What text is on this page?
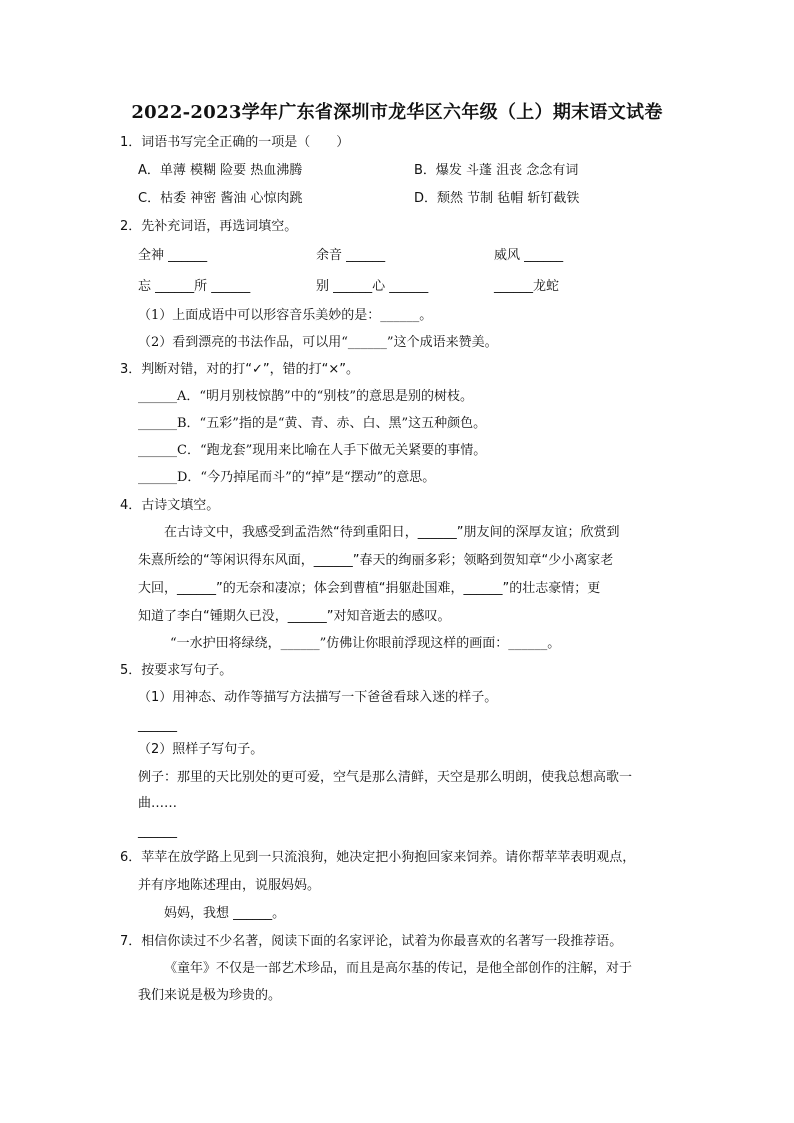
2022-2023学年广东省深圳市龙华区六年级（上）期末语文试卷
1．词语书写完全正确的一项是（　　）
A．单薄 模糊 险要 热血沸腾	B．爆发 斗蓬 沮丧 念念有词
C．枯委 神密 酱油 心惊肉跳	D．颓然 节制 毡帽 斩钉截铁
2．先补充词语，再选词填空。
全神 ______	余音 ______	威风 ______
忘 ______所 ______	别 ______心 ______	______龙蛇
（1）上面成语中可以形容音乐美妙的是：______。
（2）看到漂亮的书法作品，可以用“______”这个成语来赞美。
3．判断对错，对的打“✓”，错的打“×”。
______A．“明月别枝惊鹊”中的“别枝”的意思是别的树枝。
______B．“五彩”指的是“黄、青、赤、白、黑”这五种颜色。
______C．“跑龙套”现用来比喻在人手下做无关紧要的事情。
______D．“今乃掉尾而斗”的“掉”是“摆动”的意思。
4．古诗文填空。
在古诗文中，我感受到孟浩然“待到重阳日，______”朋友间的深厚友谊；欣赏到
朱熹所绘的“等闲识得东风面，______”春天的绚丽多彩；领略到贺知章“少小离家老
大回，______”的无奈和凄凉；体会到曹植“捐躯赴国难，______”的壮志豪情；更
知道了李白“锺期久已没，______”对知音逝去的感叹。
“一水护田将绿绕，______”仿佛让你眼前浮现这样的画面：______。
5．按要求写句子。
（1）用神态、动作等描写方法描写一下爸爸看球入迷的样子。
______
（2）照样子写句子。
例子：那里的天比别处的更可爱，空气是那么清鲜，天空是那么明朗，使我总想高歌一
曲……
______
6．苹苹在放学路上见到一只流浪狗，她决定把小狗抱回家来饲养。请你帮苹苹表明观点，
并有序地陈述理由，说服妈妈。
妈妈，我想 ______。
7．相信你读过不少名著，阅读下面的名家评论，试着为你最喜欢的名著写一段推荐语。
《童年》不仅是一部艺术珍品，而且是高尔基的传记，是他全部创作的注解，对于
我们来说是极为珍贵的。
